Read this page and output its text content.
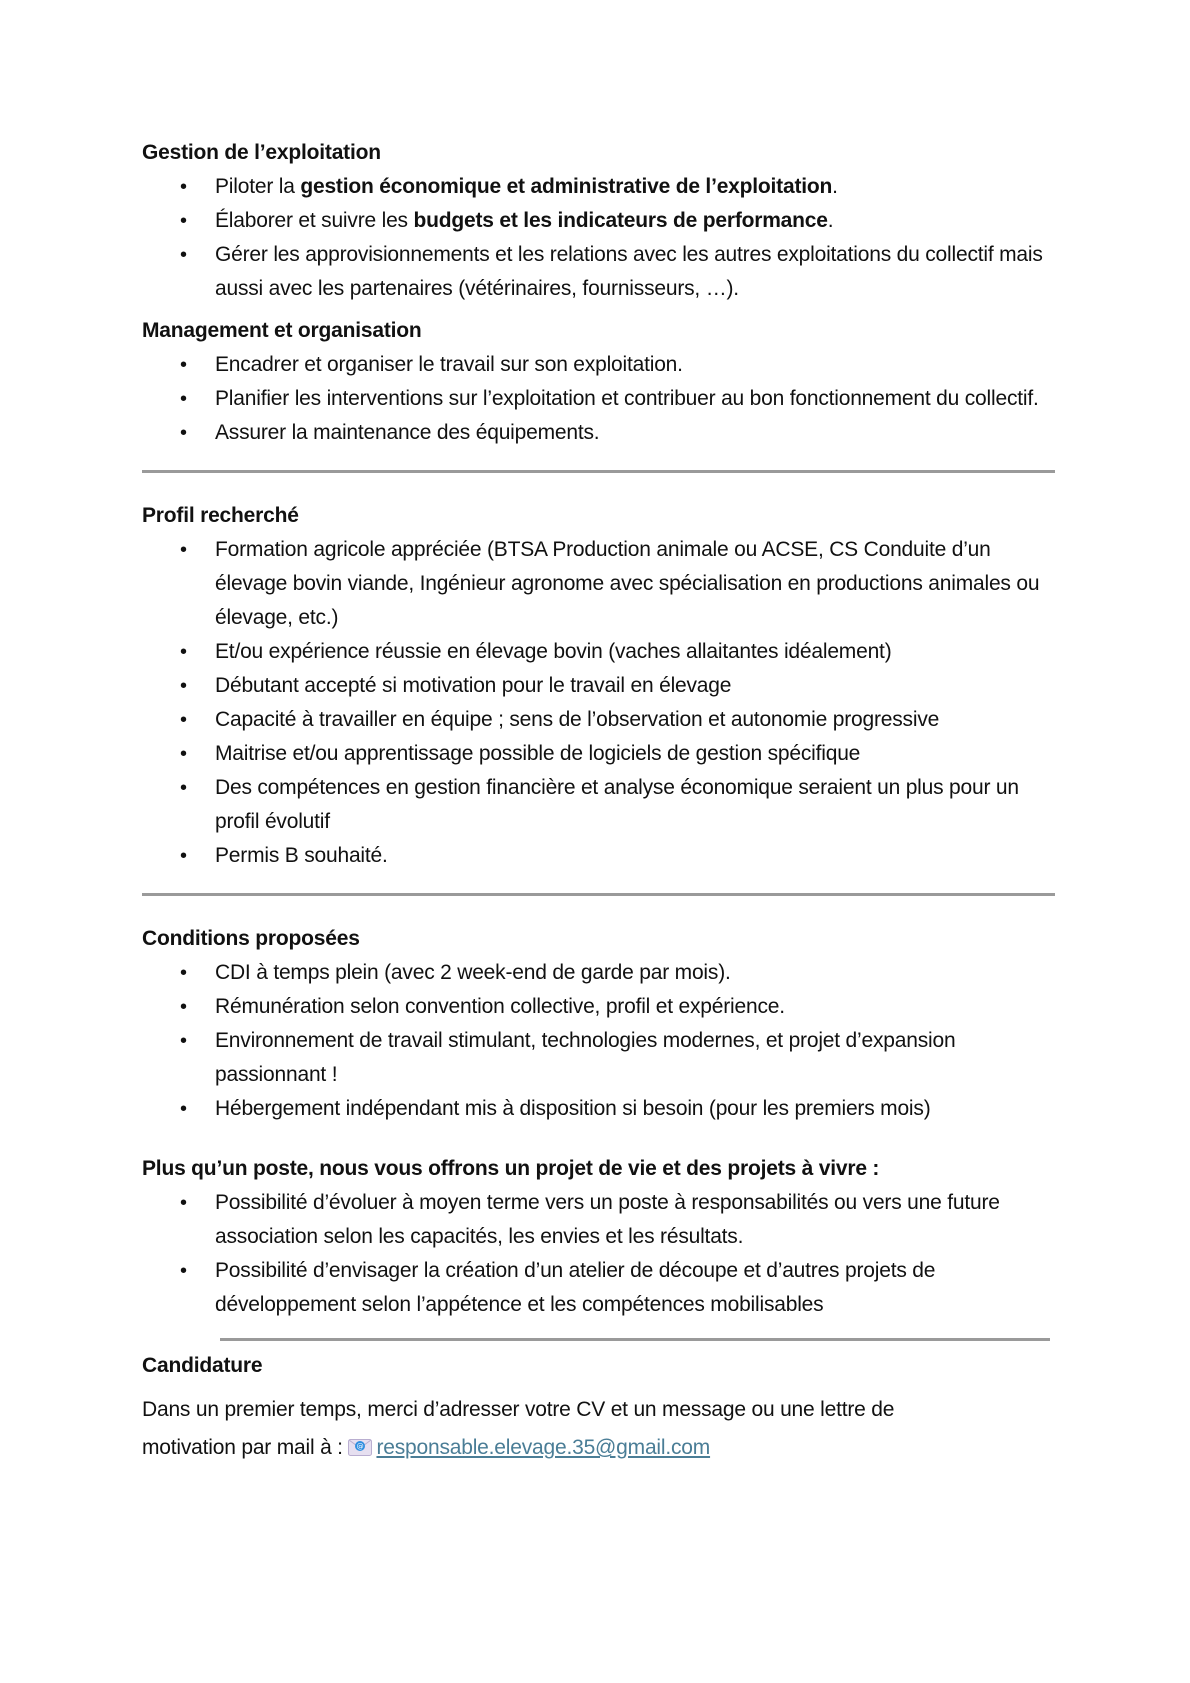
Gestion de l’exploitation
• Piloter la gestion économique et administrative de l’exploitation.
• Élaborer et suivre les budgets et les indicateurs de performance.
• Gérer les approvisionnements et les relations avec les autres exploitations du collectif mais aussi avec les partenaires (vétérinaires, fournisseurs, …).
Management et organisation
• Encadrer et organiser le travail sur son exploitation.
• Planifier les interventions sur l’exploitation et contribuer au bon fonctionnement du collectif.
• Assurer la maintenance des équipements.
Profil recherché
• Formation agricole appréciée (BTSA Production animale ou ACSE, CS Conduite d’un élevage bovin viande, Ingénieur agronome avec spécialisation en productions animales ou élevage, etc.)
• Et/ou expérience réussie en élevage bovin (vaches allaitantes idéalement)
• Débutant accepté si motivation pour le travail en élevage
• Capacité à travailler en équipe ; sens de l’observation et autonomie progressive
• Maitrise et/ou apprentissage possible de logiciels de gestion spécifique
• Des compétences en gestion financière et analyse économique seraient un plus pour un profil évolutif
• Permis B souhaité.
Conditions proposées
• CDI à temps plein (avec 2 week-end de garde par mois).
• Rémunération selon convention collective, profil et expérience.
• Environnement de travail stimulant, technologies modernes, et projet d’expansion passionnant !
• Hébergement indépendant mis à disposition si besoin (pour les premiers mois)
Plus qu’un poste, nous vous offrons un projet de vie et des projets à vivre :
• Possibilité d’évoluer à moyen terme vers un poste à responsabilités ou vers une future association selon les capacités, les envies et les résultats.
• Possibilité d’envisager la création d’un atelier de découpe et d’autres projets de développement selon l’appétence et les compétences mobilisables
Candidature

Dans un premier temps, merci d’adresser votre CV et un message ou une lettre de
motivation par mail à : @ responsable.elevage.35@gmail.com
